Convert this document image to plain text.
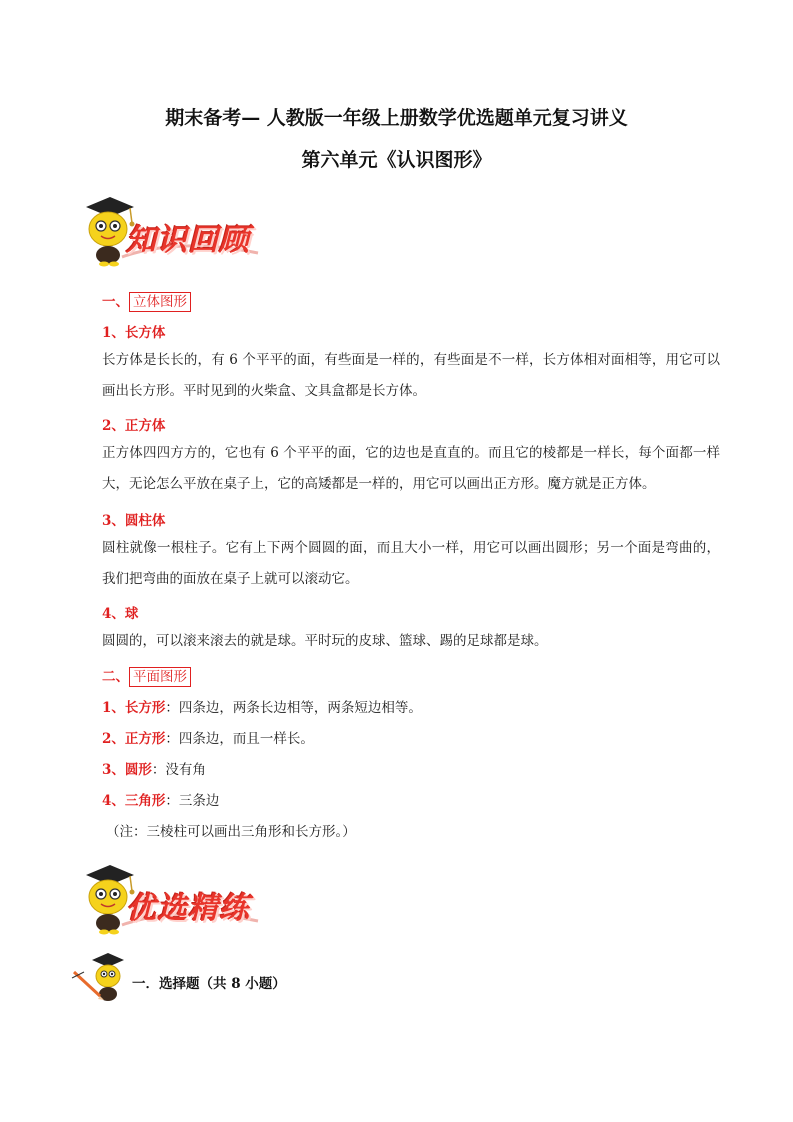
期末备考— 人教版一年级上册数学优选题单元复习讲义
第六单元《认识图形》
知识回顾
一、 立体图形
1、长方体
长方体是长长的，有 6 个平平的面，有些面是一样的，有些面是不一样，长方体相对面相等，用它可以画出长方形。平时见到的火柴盒、文具盒都是长方体。
2、正方体
正方体四四方方的，它也有 6 个平平的面，它的边也是直直的。而且它的棱都是一样长，每个面都一样大，无论怎么平放在桌子上，它的高矮都是一样的，用它可以画出正方形。魔方就是正方体。
3、圆柱体
圆柱就像一根柱子。它有上下两个圆圆的面，而且大小一样，用它可以画出圆形；另一个面是弯曲的，我们把弯曲的面放在桌子上就可以滚动它。
4、球
圆圆的，可以滚来滚去的就是球。平时玩的皮球、篮球、踢的足球都是球。
二、 平面图形
1、长方形：四条边，两条长边相等，两条短边相等。
2、正方形：四条边，而且一样长。
3、圆形：没有角
4、三角形：三条边
（注：三棱柱可以画出三角形和长方形。）
优选精练
一．选择题（共 8 小题）
